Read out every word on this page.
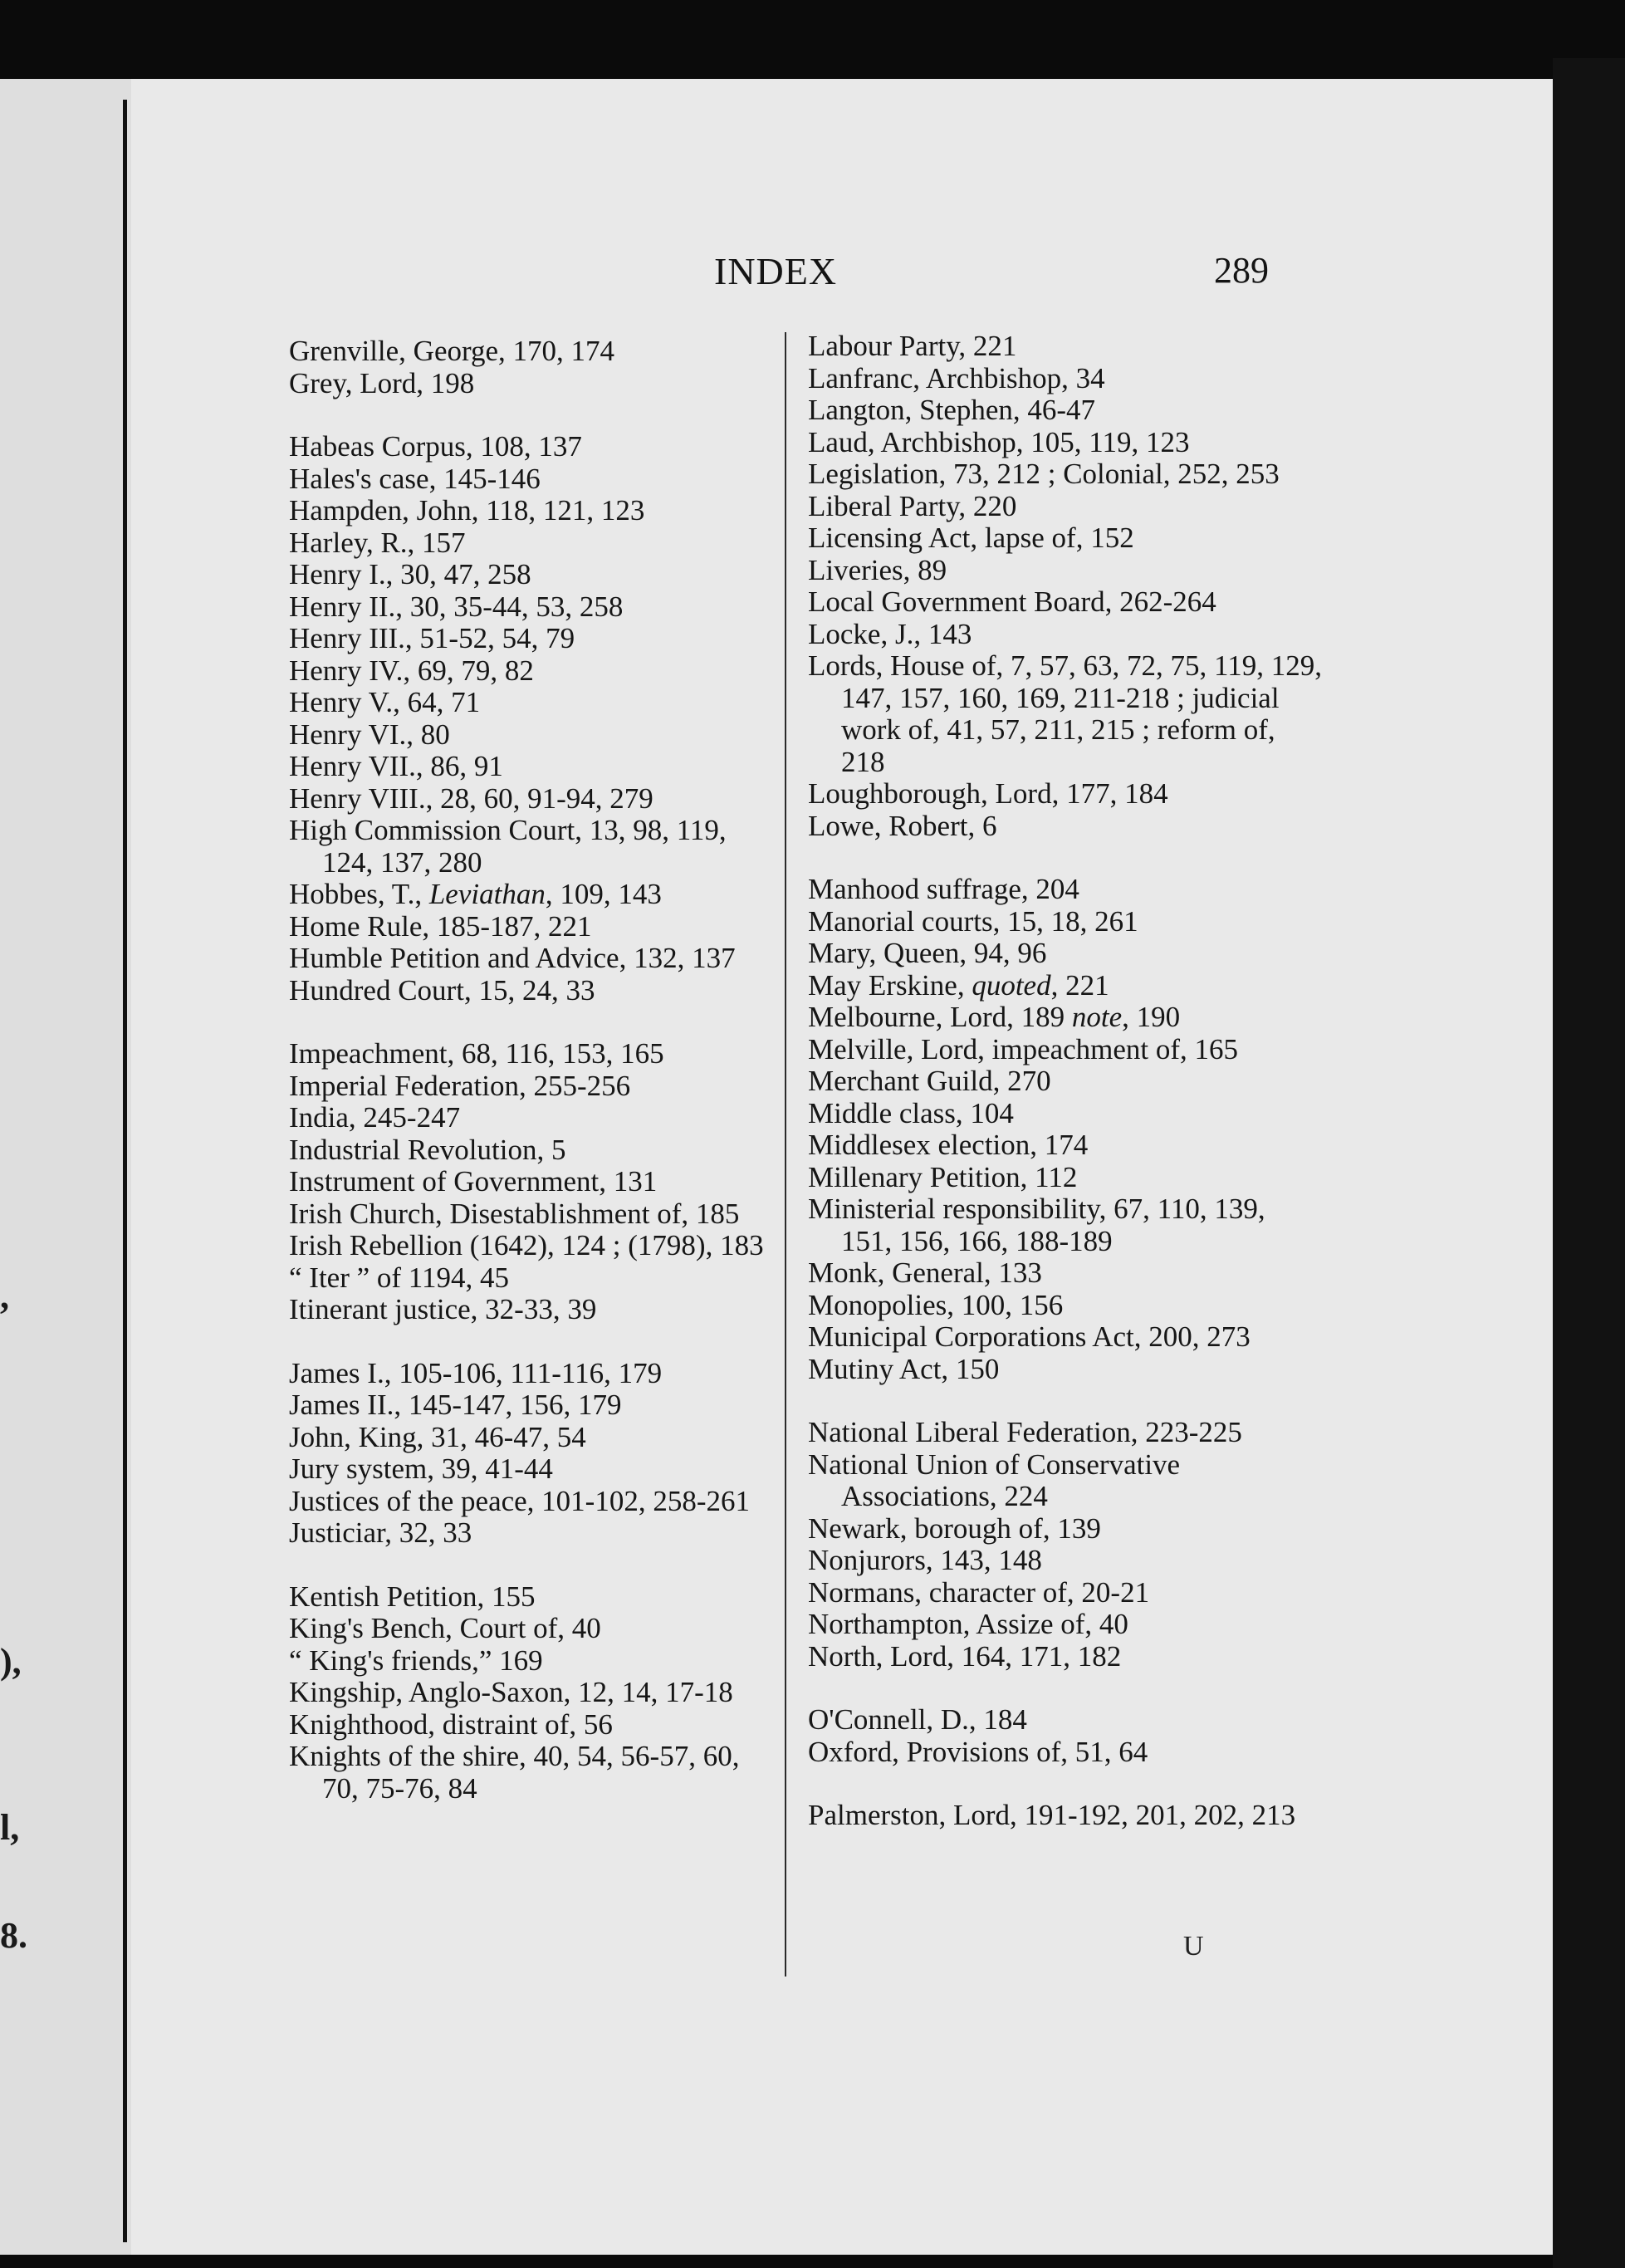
,
),
l,
8.
INDEX	289
Grenville, George, 170, 174
Grey, Lord, 198
Habeas Corpus, 108, 137
Hales's case, 145-146
Hampden, John, 118, 121, 123
Harley, R., 157
Henry I., 30, 47, 258
Henry II., 30, 35-44, 53, 258
Henry III., 51-52, 54, 79
Henry IV., 69, 79, 82
Henry V., 64, 71
Henry VI., 80
Henry VII., 86, 91
Henry VIII., 28, 60, 91-94, 279
High Commission Court, 13, 98, 119, 124, 137, 280
Hobbes, T., Leviathan, 109, 143
Home Rule, 185-187, 221
Humble Petition and Advice, 132, 137
Hundred Court, 15, 24, 33
Impeachment, 68, 116, 153, 165
Imperial Federation, 255-256
India, 245-247
Industrial Revolution, 5
Instrument of Government, 131
Irish Church, Disestablishment of, 185
Irish Rebellion (1642), 124 ; (1798), 183
“ Iter ” of 1194, 45
Itinerant justice, 32-33, 39
James I., 105-106, 111-116, 179
James II., 145-147, 156, 179
John, King, 31, 46-47, 54
Jury system, 39, 41-44
Justices of the peace, 101-102, 258-261
Justiciar, 32, 33
Kentish Petition, 155
King's Bench, Court of, 40
“ King's friends,” 169
Kingship, Anglo-Saxon, 12, 14, 17-18
Knighthood, distraint of, 56
Knights of the shire, 40, 54, 56-57, 60, 70, 75-76, 84
Labour Party, 221
Lanfranc, Archbishop, 34
Langton, Stephen, 46-47
Laud, Archbishop, 105, 119, 123
Legislation, 73, 212 ; Colonial, 252, 253
Liberal Party, 220
Licensing Act, lapse of, 152
Liveries, 89
Local Government Board, 262-264
Locke, J., 143
Lords, House of, 7, 57, 63, 72, 75, 119, 129, 147, 157, 160, 169, 211-218 ; judicial work of, 41, 57, 211, 215 ; reform of, 218
Loughborough, Lord, 177, 184
Lowe, Robert, 6
Manhood suffrage, 204
Manorial courts, 15, 18, 261
Mary, Queen, 94, 96
May Erskine, quoted, 221
Melbourne, Lord, 189 note, 190
Melville, Lord, impeachment of, 165
Merchant Guild, 270
Middle class, 104
Middlesex election, 174
Millenary Petition, 112
Ministerial responsibility, 67, 110, 139, 151, 156, 166, 188-189
Monk, General, 133
Monopolies, 100, 156
Municipal Corporations Act, 200, 273
Mutiny Act, 150
National Liberal Federation, 223-225
National Union of Conservative Associations, 224
Newark, borough of, 139
Nonjurors, 143, 148
Normans, character of, 20-21
Northampton, Assize of, 40
North, Lord, 164, 171, 182
O'Connell, D., 184
Oxford, Provisions of, 51, 64
Palmerston, Lord, 191-192, 201, 202, 213
U
